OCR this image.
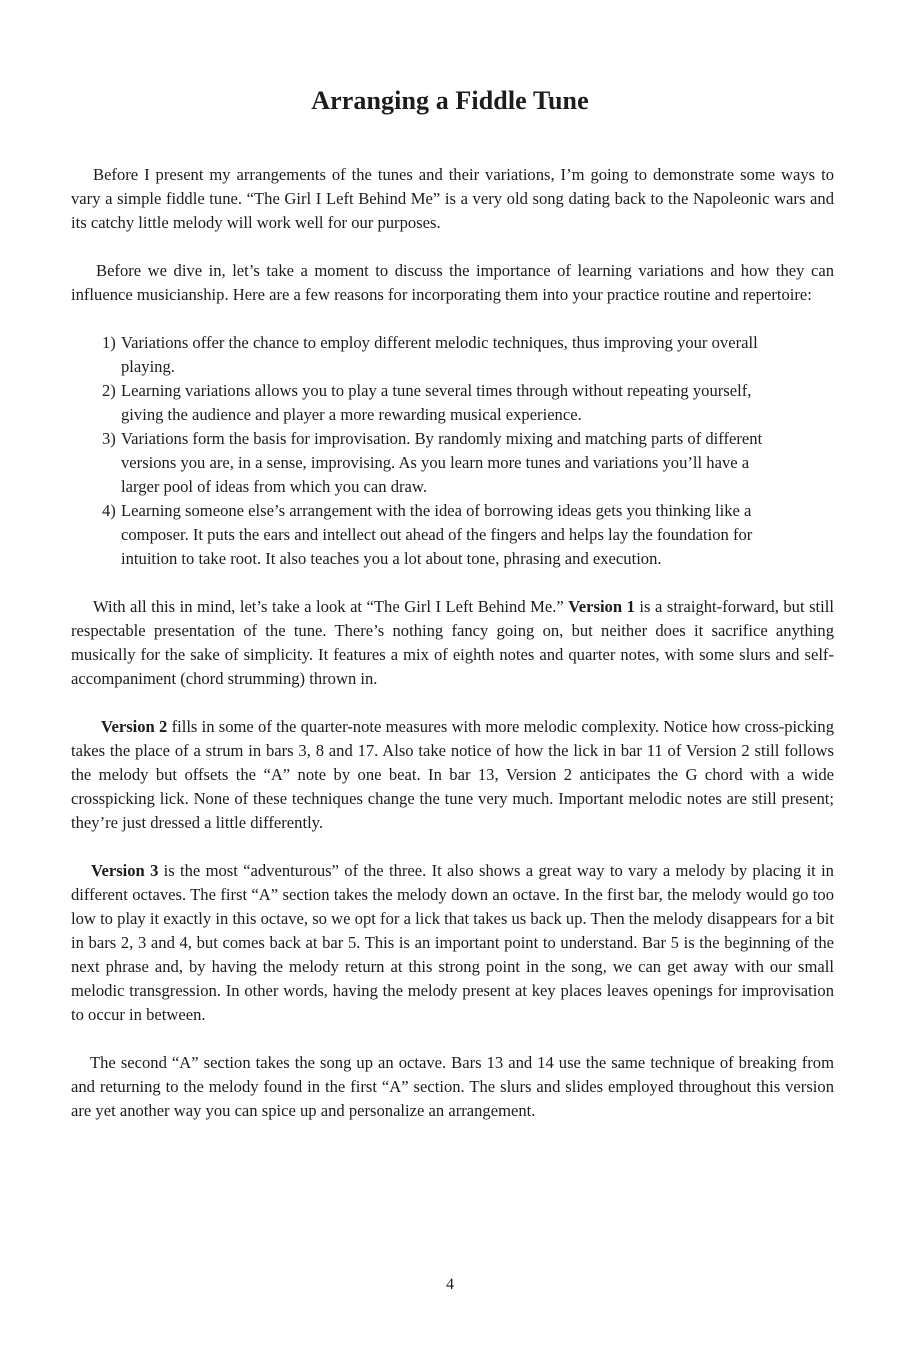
Arranging a Fiddle Tune

Before I present my arrangements of the tunes and their variations, I’m going to demonstrate some ways to vary a simple fiddle tune. “The Girl I Left Behind Me” is a very old song dating back to the Napoleonic wars and its catchy little melody will work well for our purposes.

Before we dive in, let’s take a moment to discuss the importance of learning variations and how they can influence musicianship. Here are a few reasons for incorporating them into your practice routine and repertoire:

1) Variations offer the chance to employ different melodic techniques, thus improving your overall playing.
2) Learning variations allows you to play a tune several times through without repeating yourself, giving the audience and player a more rewarding musical experience.
3) Variations form the basis for improvisation. By randomly mixing and matching parts of different versions you are, in a sense, improvising. As you learn more tunes and variations you’ll have a larger pool of ideas from which you can draw.
4) Learning someone else’s arrangement with the idea of borrowing ideas gets you thinking like a composer. It puts the ears and intellect out ahead of the fingers and helps lay the foundation for intuition to take root. It also teaches you a lot about tone, phrasing and execution.

With all this in mind, let’s take a look at “The Girl I Left Behind Me.” Version 1 is a straight-forward, but still respectable presentation of the tune. There’s nothing fancy going on, but neither does it sacrifice anything musically for the sake of simplicity. It features a mix of eighth notes and quarter notes, with some slurs and self-accompaniment (chord strumming) thrown in.

Version 2 fills in some of the quarter-note measures with more melodic complexity. Notice how cross-picking takes the place of a strum in bars 3, 8 and 17. Also take notice of how the lick in bar 11 of Version 2 still follows the melody but offsets the “A” note by one beat. In bar 13, Version 2 anticipates the G chord with a wide crosspicking lick. None of these techniques change the tune very much. Important melodic notes are still present; they’re just dressed a little differently.

Version 3 is the most “adventurous” of the three. It also shows a great way to vary a melody by placing it in different octaves. The first “A” section takes the melody down an octave. In the first bar, the melody would go too low to play it exactly in this octave, so we opt for a lick that takes us back up. Then the melody disappears for a bit in bars 2, 3 and 4, but comes back at bar 5. This is an important point to understand. Bar 5 is the beginning of the next phrase and, by having the melody return at this strong point in the song, we can get away with our small melodic transgression. In other words, having the melody present at key places leaves openings for improvisation to occur in between.

The second “A” section takes the song up an octave. Bars 13 and 14 use the same technique of breaking from and returning to the melody found in the first “A” section. The slurs and slides employed throughout this version are yet another way you can spice up and personalize an arrangement.

4
